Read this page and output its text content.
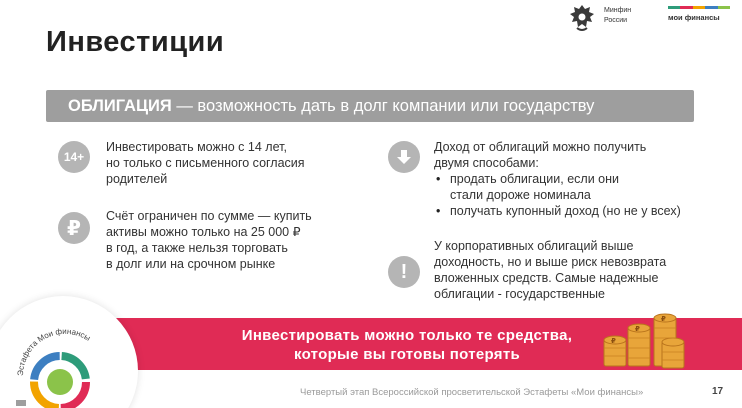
Инвестиции
Минфин
России	мои финансы
ОБЛИГАЦИЯ — возможность дать в долг компании или государству
14+

Инвестировать можно с 14 лет,

но только с письменного согласия

родителей

₽

Счёт ограничен по сумме — купить

активы можно только на 25 000 ₽

в год, а также нельзя торговать

в долг или на срочном рынке

Доход от облигаций можно получить

двумя способами:

• продать облигации, если они
стали дороже номинала
• получать купонный доход (но не у всех)
!

У корпоративных облигаций выше

доходность, но и выше риск невозврата

вложенных средств. Самые надежные

облигации - государственные

Инвестировать можно только те средства,
которые вы готовы потерять
₽
₽
₽
Эстафета Мои финансы
Четвертый этап Всероссийской просветительской Эстафеты «Мои финансы»	17
